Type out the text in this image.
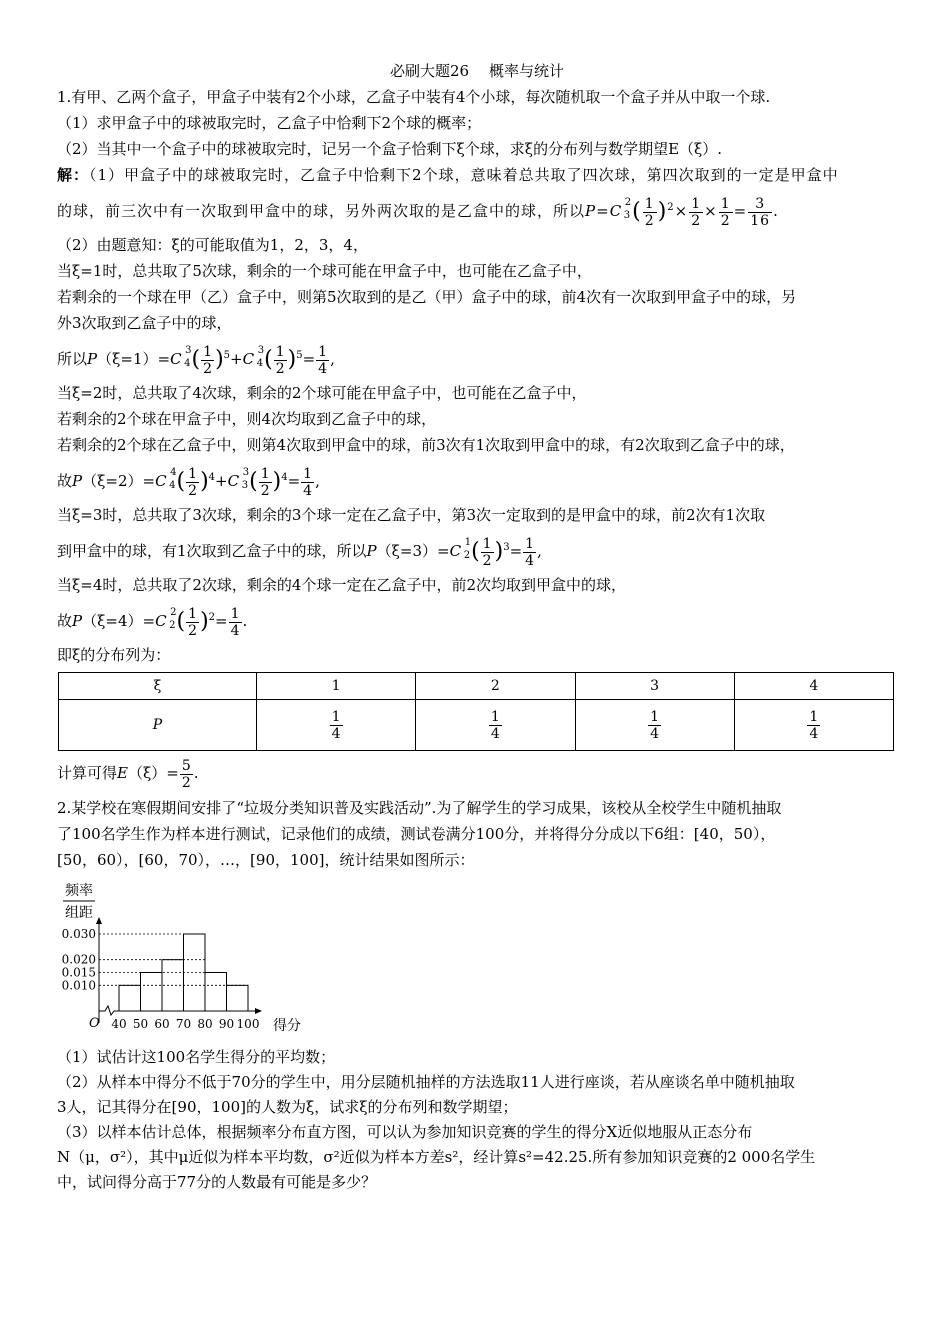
必刷大题26 概率与统计
1.有甲、乙两个盒子，甲盒子中装有2个小球，乙盒子中装有4个小球，每次随机取一个盒子并从中取一个球.
（1）求甲盒子中的球被取完时，乙盒子中恰剩下2个球的概率；
（2）当其中一个盒子中的球被取完时，记另一个盒子恰剩下ξ个球，求ξ的分布列与数学期望E（ξ）.
解：（1）甲盒子中的球被取完时，乙盒子中恰剩下2个球，意味着总共取了四次球，第四次取到的一定是甲盒中
的球，前三次中有一次取到甲盒中的球，另外两次取的是乙盒中的球，所以P=C 2
3 ( $\frac{1}{2} )^2\times \frac{1}{2} \times \frac{1}{2} = \frac{3}{16}$ .
（2）由题意知：ξ的可能取值为1，2，3，4，
当ξ=1时，总共取了5次球，剩余的一个球可能在甲盒子中，也可能在乙盒子中，
若剩余的一个球在甲（乙）盒子中，则第5次取到的是乙（甲）盒子中的球，前4次有一次取到甲盒子中的球，另
外3次取到乙盒子中的球，
所以P（ξ=1）=C 3
4 ( $\frac{1}{2} )^5+C$ 3
4 ( $\frac{1}{2} )^5= \frac{1}{4}$ ,
当ξ=2时，总共取了4次球，剩余的2个球可能在甲盒子中，也可能在乙盒子中，
若剩余的2个球在甲盒子中，则4次均取到乙盒子中的球，
若剩余的2个球在乙盒子中，则第4次取到甲盒中的球，前3次有1次取到甲盒中的球，有2次取到乙盒子中的球，
故P（ξ=2）=C 4
4 ( $\frac{1}{2} )^4+C$ 3
3 ( $\frac{1}{2} )^4= \frac{1}{4}$ ,
当ξ=3时，总共取了3次球，剩余的3个球一定在乙盒子中，第3次一定取到的是甲盒中的球，前2次有1次取
到甲盒中的球，有1次取到乙盒子中的球，所以P（ξ=3）=C 1
2 ( $\frac{1}{2} )^3= \frac{1}{4}$ ,
当ξ=4时，总共取了2次球，剩余的4个球一定在乙盒子中，前2次均取到甲盒中的球，
故P（ξ=4）=C 2
2 ( $\frac{1}{2} )^2= \frac{1}{4}$ .
即ξ的分布列为：
ξ	1	2	3	4
P	$\frac{1}{4}$	$\frac{1}{4}$	$\frac{1}{4}$	$\frac{1}{4}$
计算可得$E(\xi)= \frac{5}{2}$ .
2.某学校在寒假期间安排了“垃圾分类知识普及实践活动”.为了解学生的学习成果，该校从全校学生中随机抽取
了100名学生作为样本进行测试，记录他们的成绩，测试卷满分100分，并将得分分成以下6组：[40，50），
[50，60），[60，70），…，[90，100]，统计结果如图所示：
频率
组距
得分
O
0.010
0.015
0.020
0.030
40 50 60 70 80 90 100
（1）试估计这100名学生得分的平均数；
（2）从样本中得分不低于70分的学生中，用分层随机抽样的方法选取11人进行座谈，若从座谈名单中随机抽取
3人，记其得分在[90，100]的人数为ξ，试求ξ的分布列和数学期望；
（3）以样本估计总体，根据频率分布直方图，可以认为参加知识竞赛的学生的得分X近似地服从正态分布
N（μ，σ²），其中μ近似为样本平均数，σ²近似为样本方差s²，经计算s²=42.25.所有参加知识竞赛的2 000名学生
中，试问得分高于77分的人数最有可能是多少？
